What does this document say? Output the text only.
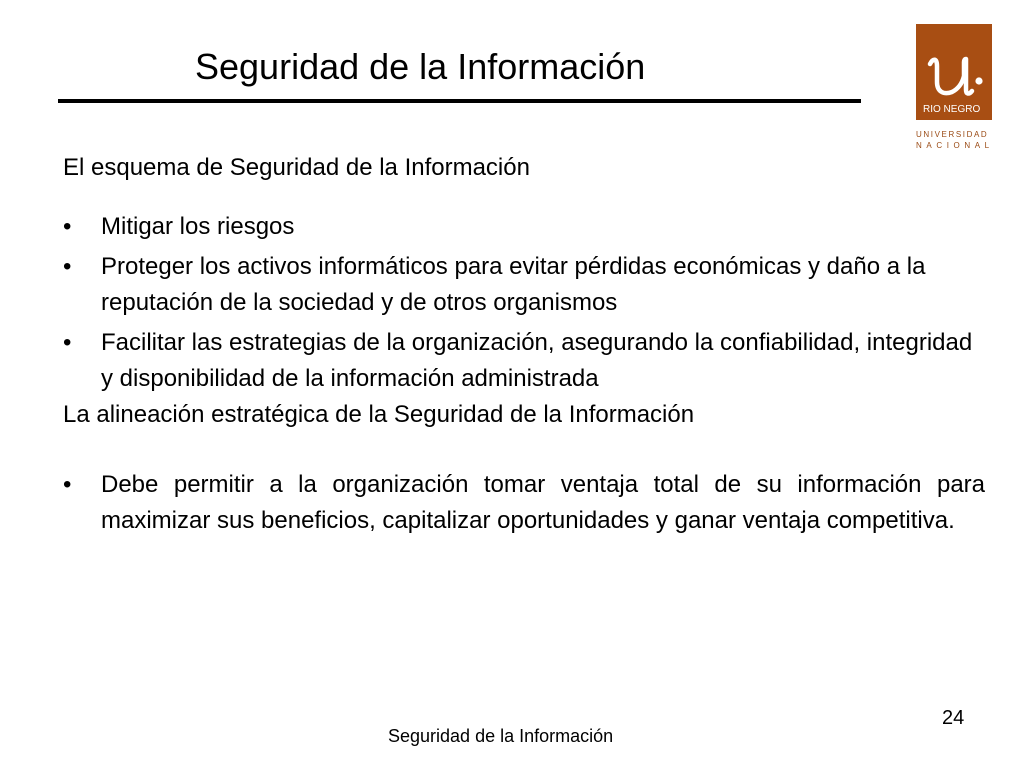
Seguridad de la Información
RIO NEGRO
UNIVERSIDAD
NACIONAL

El esquema de Seguridad de la Información

• Mitigar los riesgos
• Proteger los activos informáticos para evitar pérdidas económicas y daño a la reputación de la sociedad y de otros organismos
• Facilitar las estrategias de la organización, asegurando la confiabilidad, integridad y disponibilidad de la información administrada

La alineación estratégica de la Seguridad de la Información

• Debe permitir a la organización tomar ventaja total de su información para maximizar sus beneficios, capitalizar oportunidades y ganar ventaja competitiva.
24
Seguridad de la Información
